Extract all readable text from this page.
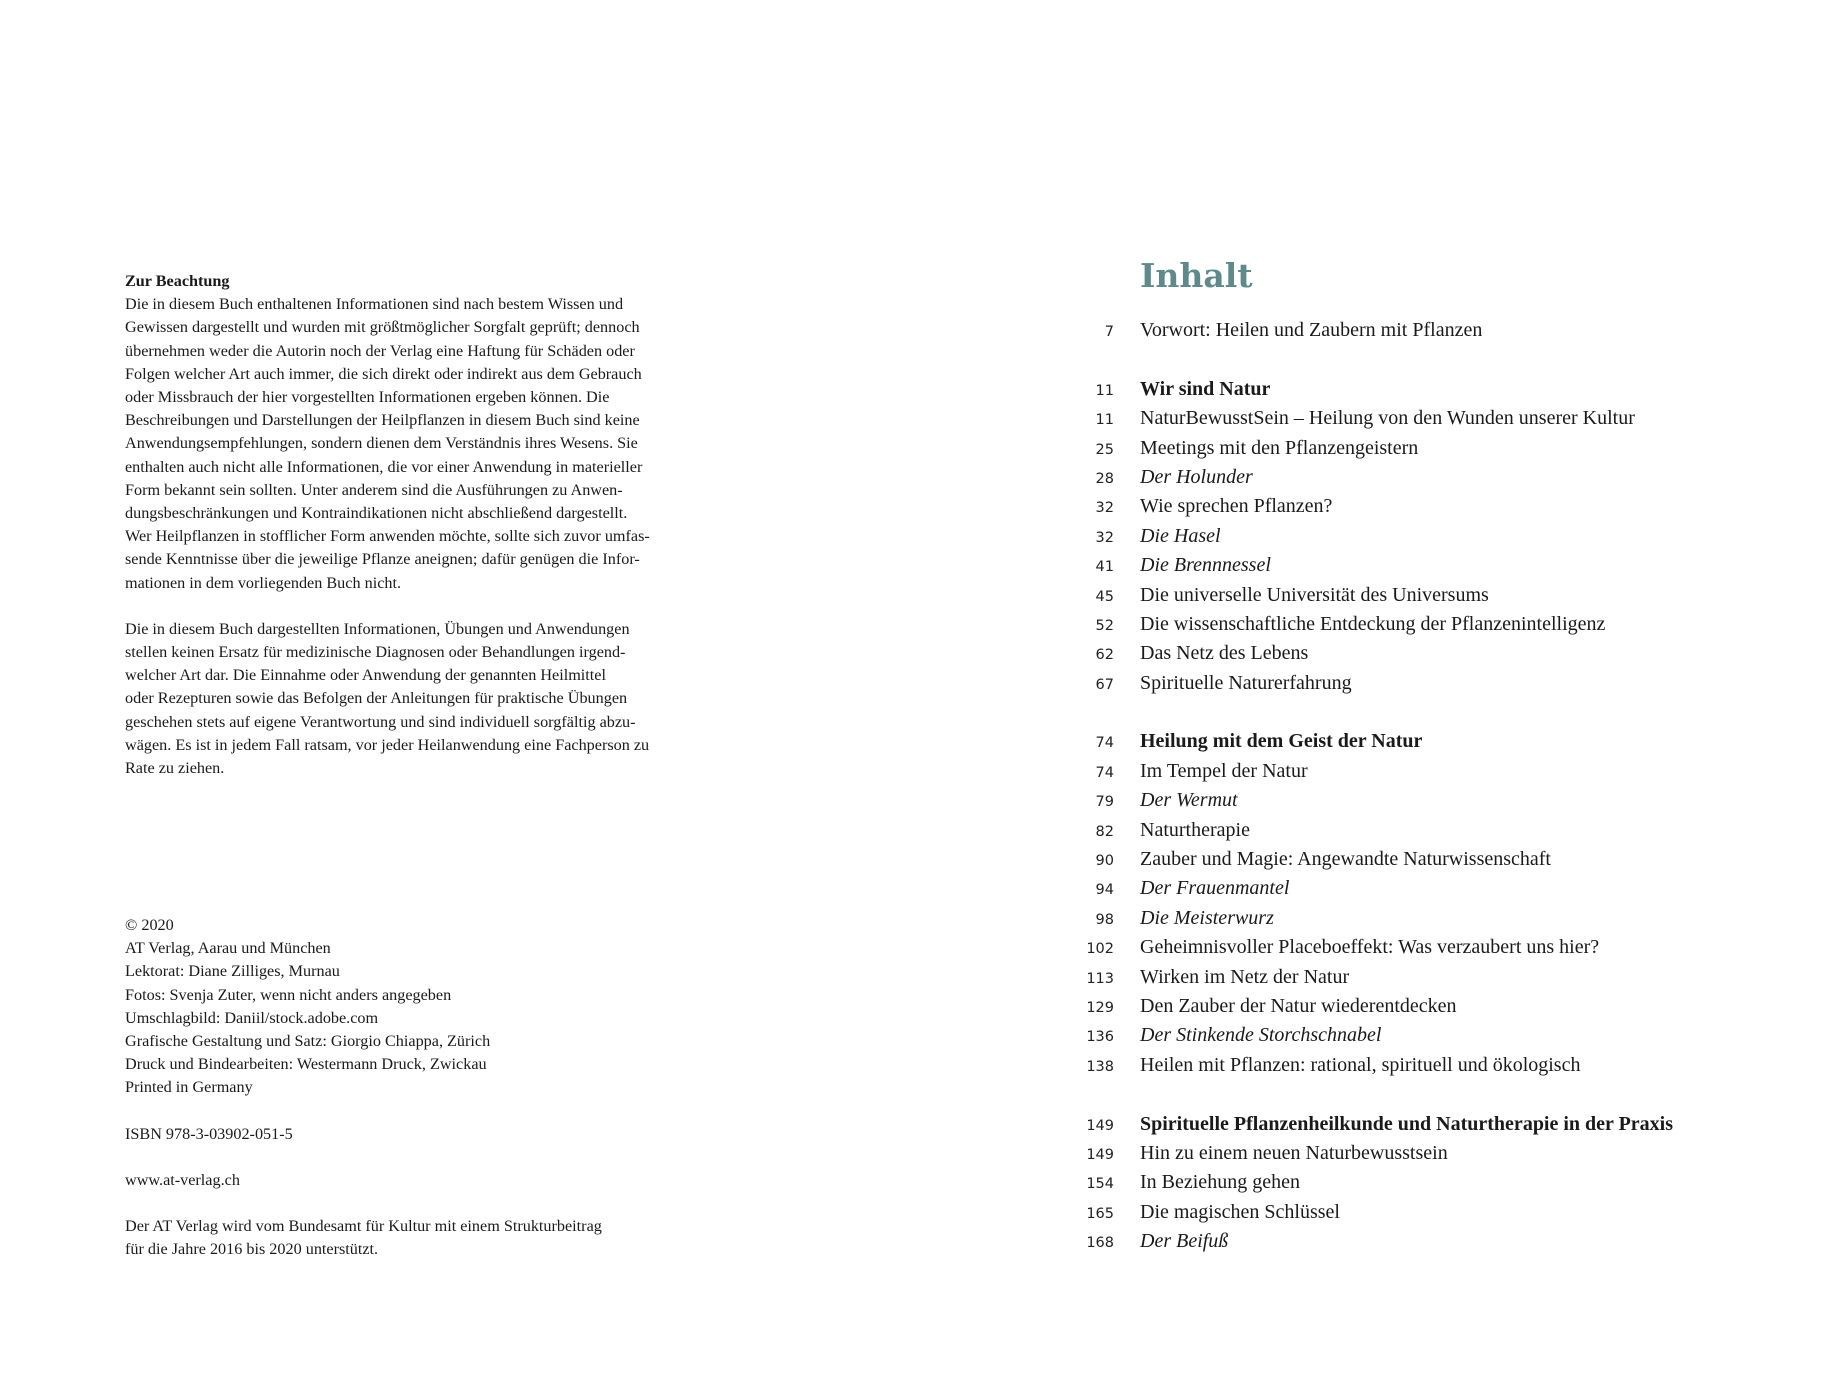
Zur Beachtung

Die in diesem Buch enthaltenen Informationen sind nach bestem Wissen und
Gewissen dargestellt und wurden mit größtmöglicher Sorgfalt geprüft; dennoch
übernehmen weder die Autorin noch der Verlag eine Haftung für Schäden oder
Folgen welcher Art auch immer, die sich direkt oder indirekt aus dem Gebrauch
oder Missbrauch der hier vorgestellten Informationen ergeben können. Die
Beschreibungen und Darstellungen der Heilpflanzen in diesem Buch sind keine
Anwendungsempfehlungen, sondern dienen dem Verständnis ihres Wesens. Sie
enthalten auch nicht alle Informationen, die vor einer Anwendung in materieller
Form bekannt sein sollten. Unter anderem sind die Ausführungen zu Anwen-
dungsbeschränkungen und Kontraindikationen nicht abschließend dargestellt.
Wer Heilpflanzen in stofflicher Form anwenden möchte, sollte sich zuvor umfas-
sende Kenntnisse über die jeweilige Pflanze aneignen; dafür genügen die Infor-
mationen in dem vorliegenden Buch nicht.

Die in diesem Buch dargestellten Informationen, Übungen und Anwendungen
stellen keinen Ersatz für medizinische Diagnosen oder Behandlungen irgend-
welcher Art dar. Die Einnahme oder Anwendung der genannten Heilmittel
oder Rezepturen sowie das Befolgen der Anleitungen für praktische Übungen
geschehen stets auf eigene Verantwortung und sind individuell sorgfältig abzu-
wägen. Es ist in jedem Fall ratsam, vor jeder Heilanwendung eine Fachperson zu
Rate zu ziehen.

© 2020
AT Verlag, Aarau und München
Lektorat: Diane Zilliges, Murnau
Fotos: Svenja Zuter, wenn nicht anders angegeben
Umschlagbild: Daniil/stock.adobe.com
Grafische Gestaltung und Satz: Giorgio Chiappa, Zürich
Druck und Bindearbeiten: Westermann Druck, Zwickau
Printed in Germany
ISBN 978-3-03902-051-5
www.at-verlag.ch
Der AT Verlag wird vom Bundesamt für Kultur mit einem Strukturbeitrag
für die Jahre 2016 bis 2020 unterstützt.
Inhalt
7 Vorwort: Heilen und Zaubern mit Pflanzen
11 Wir sind Natur
11 NaturBewusstSein – Heilung von den Wunden unserer Kultur
25 Meetings mit den Pflanzengeistern
28 Der Holunder
32 Wie sprechen Pflanzen?
32 Die Hasel
41 Die Brennnessel
45 Die universelle Universität des Universums
52 Die wissenschaftliche Entdeckung der Pflanzenintelligenz
62 Das Netz des Lebens
67 Spirituelle Naturerfahrung
74 Heilung mit dem Geist der Natur
74 Im Tempel der Natur
79 Der Wermut
82 Naturtherapie
90 Zauber und Magie: Angewandte Naturwissenschaft
94 Der Frauenmantel
98 Die Meisterwurz
102 Geheimnisvoller Placeboeffekt: Was verzaubert uns hier?
113 Wirken im Netz der Natur
129 Den Zauber der Natur wiederentdecken
136 Der Stinkende Storchschnabel
138 Heilen mit Pflanzen: rational, spirituell und ökologisch
149 Spirituelle Pflanzenheilkunde und Naturtherapie in der Praxis
149 Hin zu einem neuen Naturbewusstsein
154 In Beziehung gehen
165 Die magischen Schlüssel
168 Der Beifuß
